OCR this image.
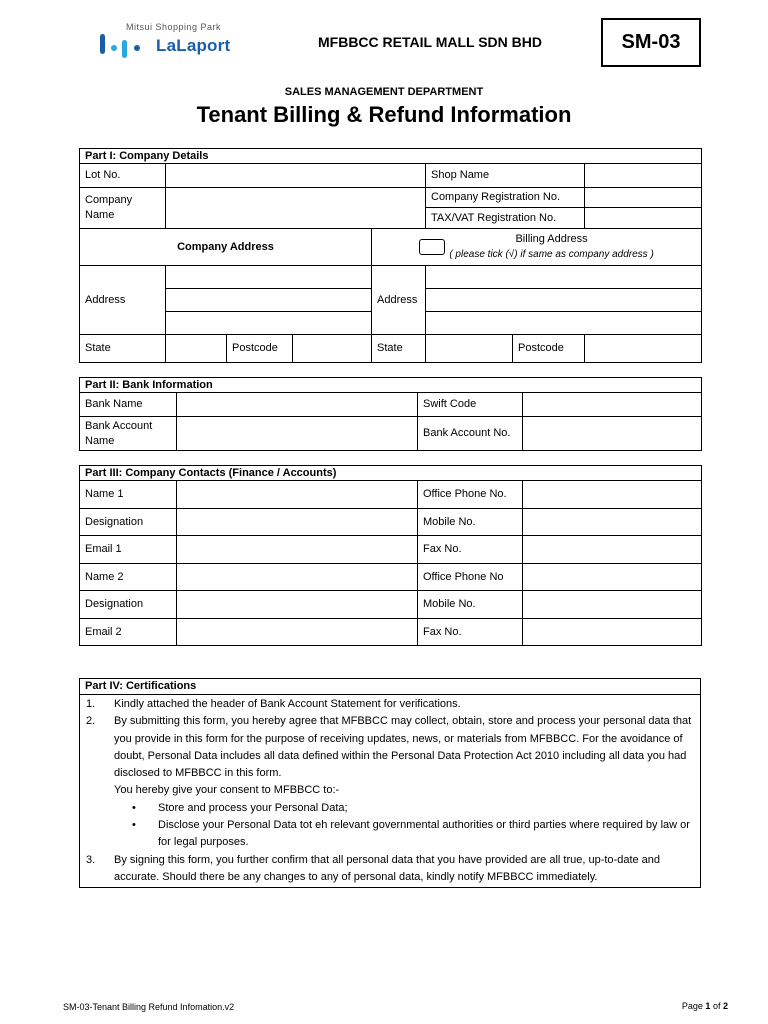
Mitsui Shopping Park
LaLaport	MFBBCC RETAIL MALL SDN BHD	SM-03
SALES MANAGEMENT DEPARTMENT
Tenant Billing & Refund Information
Part I: Company Details							
Lot No.					Shop Name		
Company Name					Company Registration No.		
					TAX/VAT Registration No.		
Company Address				Billing Address
( please tick (√) if same as company address )			

Address				Address			

State		Postcode		State		Postcode	
Part II: Bank Information			
Bank Name		Swift Code	
Bank Account Name		Bank Account No.	
Part III: Company Contacts (Finance / Accounts)			
Name 1		Office Phone No.	
Designation		Mobile No.	
Email 1		Fax No.	
Name 2		Office Phone No	
Designation		Mobile No.	
Email 2		Fax No.	
Part IV: Certifications
1.	Kindly attached the header of Bank Account Statement for verifications.
2.	By submitting this form, you hereby agree that MFBBCC may collect, obtain, store and process your personal data that you provide in this form for the purpose of receiving updates, news, or materials from MFBBCC. For the avoidance of doubt, Personal Data includes all data defined within the Personal Data Protection Act 2010 including all data you had disclosed to MFBBCC in this form.
You hereby give your consent to MFBBCC to:-
•	Store and process your Personal Data;
•	Disclose your Personal Data tot eh relevant governmental authorities or third parties where required by law or for legal purposes.
3.	By signing this form, you further confirm that all personal data that you have provided are all true, up-to-date and accurate. Should there be any changes to any of personal data, kindly notify MFBBCC immediately.
SM-03-Tenant Billing Refund Infomation.v2	Page 1 of 2
